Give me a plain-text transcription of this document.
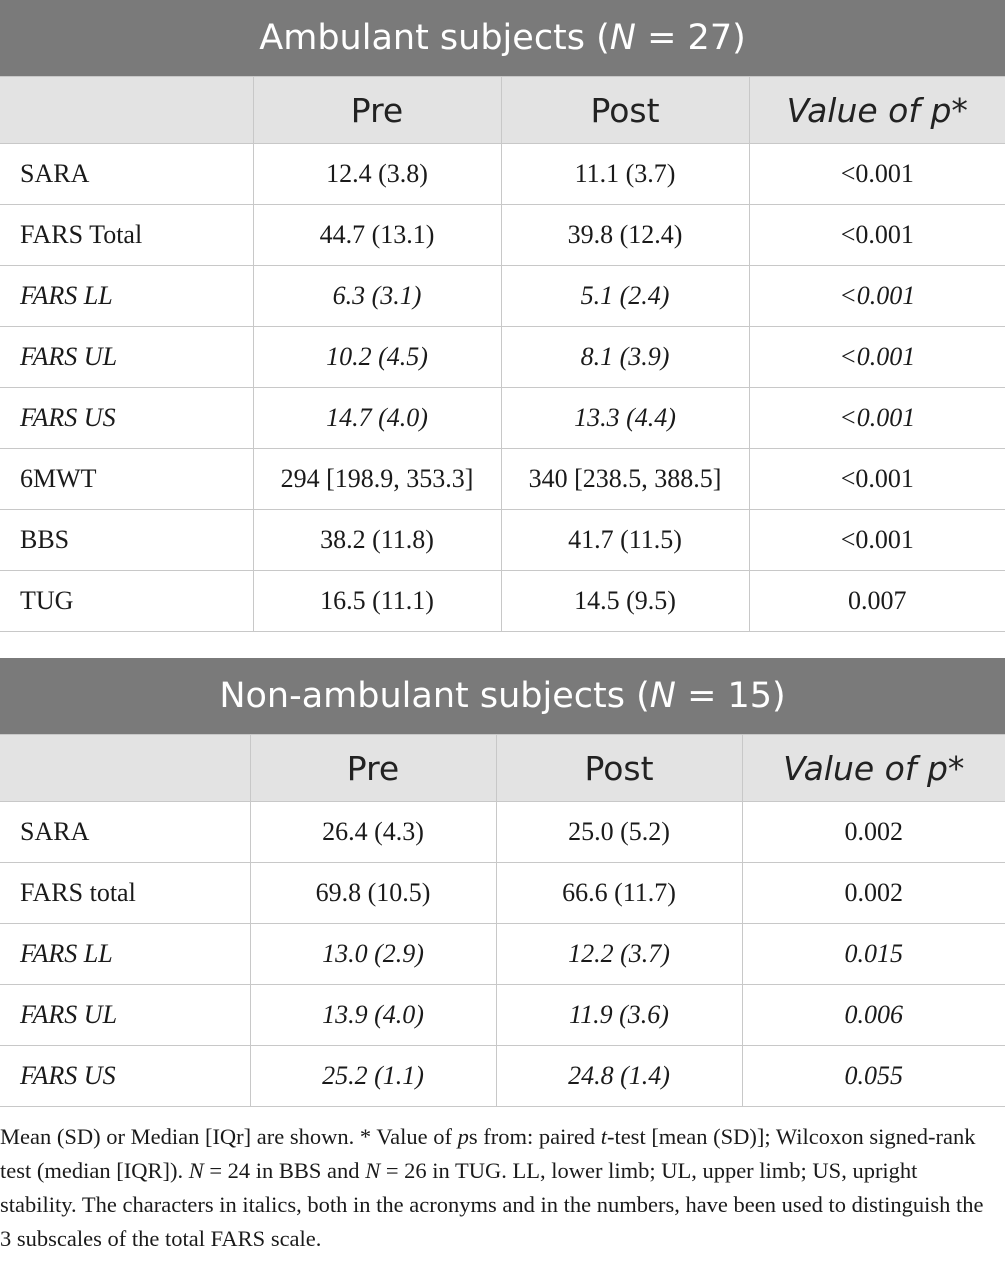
Ambulant subjects (N = 27)			
	Pre	Post	Value of p*
SARA	12.4 (3.8)	11.1 (3.7)	<0.001
FARS Total	44.7 (13.1)	39.8 (12.4)	<0.001
FARS LL	6.3 (3.1)	5.1 (2.4)	<0.001
FARS UL	10.2 (4.5)	8.1 (3.9)	<0.001
FARS US	14.7 (4.0)	13.3 (4.4)	<0.001
6MWT	294 [198.9, 353.3]	340 [238.5, 388.5]	<0.001
BBS	38.2 (11.8)	41.7 (11.5)	<0.001
TUG	16.5 (11.1)	14.5 (9.5)	0.007
Non-ambulant subjects (N = 15)			
	Pre	Post	Value of p*
SARA	26.4 (4.3)	25.0 (5.2)	0.002
FARS total	69.8 (10.5)	66.6 (11.7)	0.002
FARS LL	13.0 (2.9)	12.2 (3.7)	0.015
FARS UL	13.9 (4.0)	11.9 (3.6)	0.006
FARS US	25.2 (1.1)	24.8 (1.4)	0.055
Mean (SD) or Median [IQr] are shown. * Value of ps from: paired t-test [mean (SD)]; Wilcoxon signed-rank test (median [IQR]). N = 24 in BBS and N = 26 in TUG. LL, lower limb; UL, upper limb; US, upright stability. The characters in italics, both in the acronyms and in the numbers, have been used to distinguish the 3 subscales of the total FARS scale.
